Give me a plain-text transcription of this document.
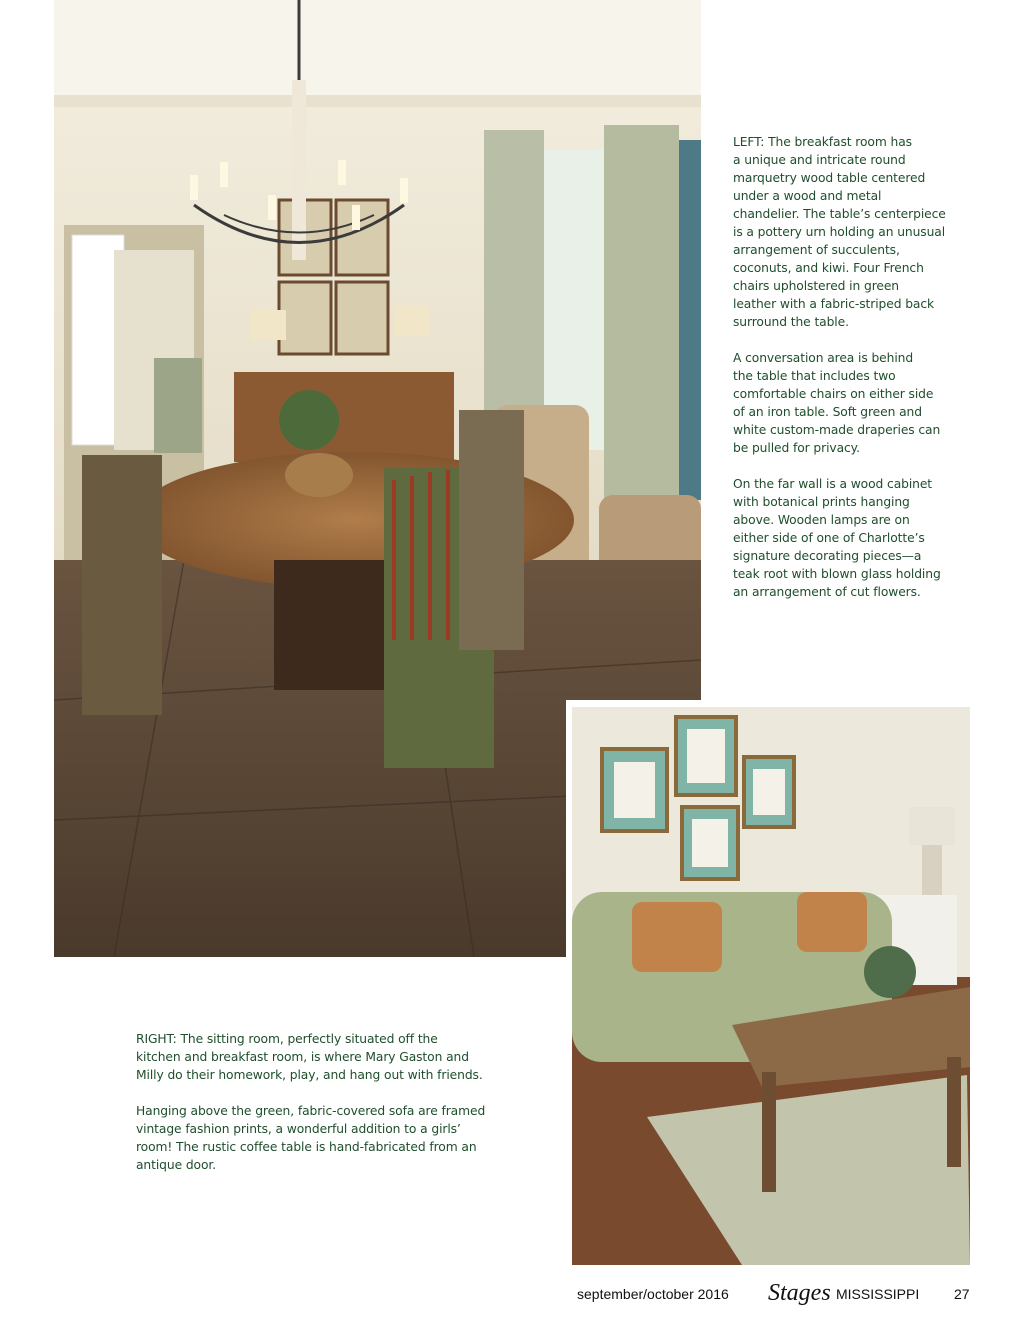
LEFT: The breakfast room has
a unique and intricate round
marquetry wood table centered
under a wood and metal
chandelier. The table’s centerpiece
is a pottery urn holding an unusual
arrangement of succulents,
coconuts, and kiwi. Four French
chairs upholstered in green
leather with a fabric-striped back
surround the table.

A conversation area is behind
the table that includes two
comfortable chairs on either side
of an iron table. Soft green and
white custom-made draperies can
be pulled for privacy.

On the far wall is a wood cabinet
with botanical prints hanging
above. Wooden lamps are on
either side of one of Charlotte’s
signature decorating pieces—a
teak root with blown glass holding
an arrangement of cut flowers.

RIGHT: The sitting room, perfectly situated off the
kitchen and breakfast room, is where Mary Gaston and
Milly do their homework, play, and hang out with friends.

Hanging above the green, fabric-covered sofa are framed
vintage fashion prints, a wonderful addition to a girls’
room! The rustic coffee table is hand-fabricated from an
antique door.

september/october 2016 Stages MISSISSIPPI 27
